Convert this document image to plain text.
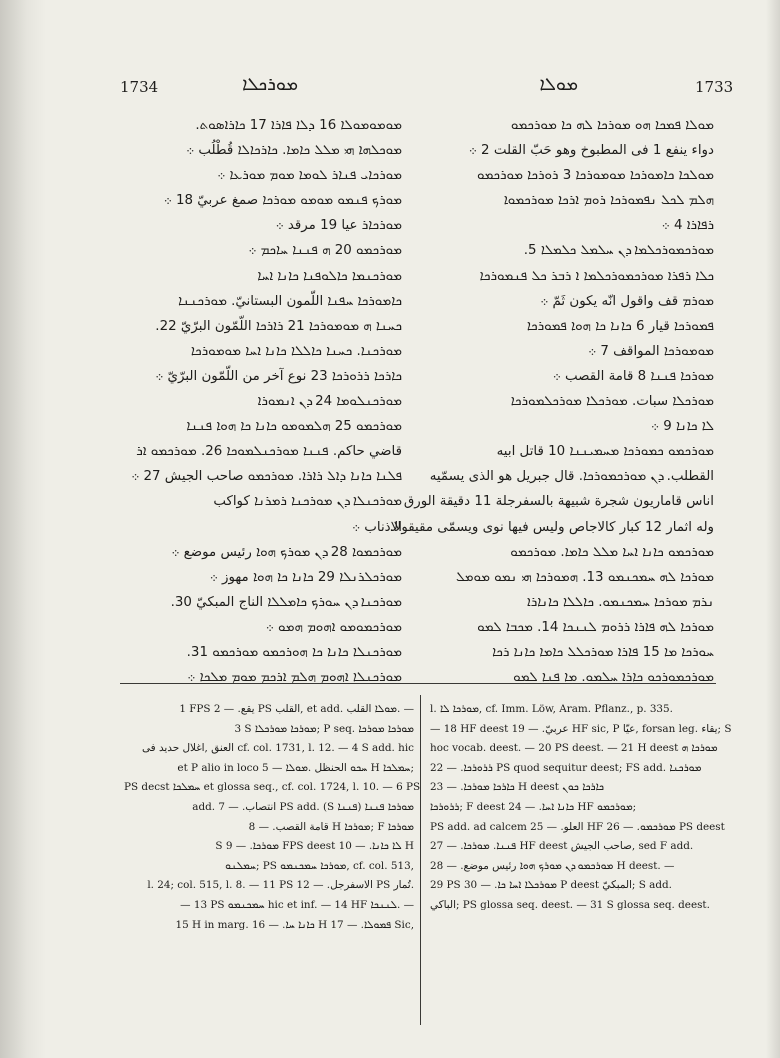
1734	ܡܘܪܟܠܐ	ܡܘܠܐ	1733
ܡܘܡܘܡܘܠܐ 16 ܕܠܐ ܦܐܪܐ 17 ܟܐܪܐܣܘܬ.
ܡܘܟܠܗܐ ܗܝ ܡܠܠ ܟܐܡܐ. ܟܐܪܟܐܠܐ قُطْلُب ܀
ܡܘܪܟܐܝ ܦܢܐܪ ܠܘܡܐ ܡܘܡ ܡܘܪܥܐ ܀
ܡܘܪܟ ܦܢܡܘ ܡܘܡܘ ܡܘܪܟܐ صمغ عربيّ 18 ܀
ܡܘܪܟܐܪ عيا 19 مرقد ܀
ܡܘܪܟܡܘ 20 ܗ ܦܢܢܐ ܚܐܟܡ ܀
ܡܘܪܟܢܡܐ ܟܐܠܘܦܢܐ ܟܐܢܐ ܐܚܐ
ܟܐܡܘܪܟܐ ܚܦܢܐ اللّمون البستانيّ. ܡܘܪܟܢܢܐ
ܟܚܢܐ ܗ ܡܘܡܘܪܟܐ 21 ܪܐܪܟܐ اللّمّون البرّيّ 22.
ܡܘܪܟܢܐ. ܟܚܢܐ ܟܐܠܠܐ ܟܐܢܐ ܐܚܐ ܡܘܡܘܪܟܐ
ܟܐܪܟܐ ܪܪܘܪܟܐ 23 نوع آخر من اللّمّون البرّيّ ܀
ܡܘܪܟܢܠܘܡܐ 24 ܕܢ ܐܢܡܘܪܐ
ܡܘܪܟܡܘ 25 ܗܠܡܘܡܘ ܟܐܢܐ ܟܐ ܗܘܐ ܦܢܢܐ
قاضي حاكم. ܦܢܢܐ ܡܘܪܟܢܠܡܘܟܐ 26. ܡܘܪܟܡܘ ܐܪ
ܦܠܢܐ ܟܐܢܐ ܕܐܠ ܪܐܪܐ. ܡܘܪܟܡܘ صاحب الجيش 27 ܀
ܡܘܪܟܢܠܐ ܕܢ ܡܘܪܟܢܐ ܪܡܪܢܐ كواكب
الاذناب ܀
ܡܘܪܟܡܘܐ 28 ܕܢ ܡܘܪܟ ܗܘܐ رئيس موضع ܀
ܡܘܪܟܠܪܢܠܐ 29 ܟܐܢܐ ܟܐ ܗܘܐ مهوز ܀
ܡܘܪܟܢܐ ܕܢ ܚܘܪܟ ܟܐܡܠܠܐ الناج المبكيّ 30.
ܡܘܪܟܡܘܡܘ ܐܗܘܡ ܗܡܘ ܀
ܡܘܪܟܢܠܐ ܟܐܢܐ ܟܐ ܗܘܪܟܡܘ ܡܘܪܟܡܘ 31.
ܡܘܪܟܢܠܐ ܐܗܘܡ ܗܠܡ ܐܪܟܡ ܡܘܡ ܡܠܟܐ ܀
ܡܘܠܐ ܦܡܟܐ ܗܘ ܡܘܪܟܐ ܠܗ ܟܐ ܡܘܪܟܡܘ
دواء ينفع 1 ﻓﻰ المطبوخ وهو حَبّ القلت 2 ܀
ܡܘܠܟܐ ܟܐܡܘܪܟܐ ܡܘܡܘܪܟܐ 3 ܪܘܪܟܐ ܡܘܪܟܡܘ
ܗܠܡ ܠܟܠ ܢܦܡܘܪܟܐ ܪܘܡ ܐܪܟܐ ܡܘܪܟܡܘܐ
ܪܦܐܪܐ 4 ܀
ܡܘܪܟܡܘܪܟܠܡܐ ܕܢ ܚܠܡܠ ܟܠܡܠܐ 5.
ܟܠܐ ܪܦܪܐ ܡܘܪܟܡܘܪܟܠܡܐ ܐ ܪܒܪ ܟܠ ܦܢܡܘܪܟܐ
ܡܘܪܡ قف واقول انّه يكون ثَمّ ܀
ܦܡܘܪܟܐ قيار 6 ܟܐܢܐ ܟܐ ܗܘܐ ܦܡܘܪܟܐ
ܡܘܡܘܪܟܐ المواقف 7 ܀
ܡܘܪܟܐ ܦܢܢܐ 8 قامة القصب ܀
ܡܘܪܟܠܐ سبات. ܡܘܪܟܠܐ ܡܘܪܟܠܡܘܪܟܐ
ܠܐ ܟܐܢܐ 9 ܀
ܡܘܪܟܡܘ ܟܡܘܪܟܐ ܡܚܡܝܢܢܐ 10 قاتل ابيه
القطلب. ܕܢ ܡܘܪܟܡܘܪܟܐ. قال جبريل هو الذى يسمّيه
اناس قاماريون شجرة شبيهة بالسفرجلة 11 دقيقة الورق
وله اثمار 12 كبار كالاجاص وليس فيها نوى ويسمّى مقيقولا.
ܡܘܪܟܡܘ ܟܐܢܐ ܐܚܐ ܡܠܠ ܟܐܡܐ. ܡܘܪܟܡܘ
ܡܘܪܟܐ ܠܗ ܚܡܟܢܡܘ 13. ܗܡܘܪܟܐ ܗܝ ܢܡܘ ܡܘܡܠ
ܢܪܡ ܡܘܪܟܐ ܚܡܟܢܡܘ. ܟܐܠܠܐ ܟܐܢܐܪܐ
ܡܘܪܟܐ ܠܗ ܦܐܪܐ ܪܪܘܡ ܠܢܢܟܐ 14. ܡܟܒܐ ܠܡܘ
ܚܘܪܟܐ ܡܐ 15 ܦܐܪܐ ܡܘܪܟܠܠ ܟܐܡܐ ܟܐܢܐ ܪܟܐ
ܡܘܪܟܡܘܪܟܘ ܟܐܪܐ ܚܠܡܘ. ܡܐ ܦܢܐ ܠܡܘ
1 FPS يقع. — 2 PS القلب, et add. ܡܘܠܐ القلب. —
3 S ܡܘܪܟܐ ܡܘܪܟܠܐ; P seq. ܡܘܪܟܐ ܡܘܪܟܐ
العنق ,اغلال حديد ﻓﻰ cf. col. 1731, l. 12. — 4 S add. hic
et P alio in loco ܚܟܘ الحنظل .ܡܘܠܐ — 5 H ܚܡܠܟܐ;
PS decst ܚܡܠܟܐ et glossa seq., cf. col. 1724, l. 10. — 6 PS
add. انتصاب. — 7 PS add. (S ܦܢܢܐ) ܡܘܪܟܐ ܦܢܢܐ
قامة القصب. — 8 H ܡܘܪܟܐ; F ܡܘܪܟܐ
S ܡܘܪܟܐ. — 9 FPS deest ܠܐ ܟܐܢܐ. — 10 H
ܚܡܠܢܘ; PS ܡܘܪܟܐ ܚܡܟܢܡܘ, cf. col. 513,
l. 24; col. 515, l. 8. — 11 PS الاسفرجل. — 12 PS تُمار.
— 13 PS ܚܡܟܢܡܘ hic et inf. — 14 HF ܠܢܢܟܐ. —
15 H in marg. ܟܐܢܐ ܚܐ. — 16 H ܦܡܘܠܐ. — 17 Sic,
l. ܡܘܪܟܐ ܠܐ, cf. Imm. Löw, Aram. Pflanz., p. 335.
— 18 HF deest عربيّ. — 19 HF sic, P عيّا, forsan leg. يقاء; S
hoc vocab. deest. — 20 PS deest. — 21 H deest ܡܘܪܟܐ ܗ
ܪܪܘܪܟܐ. — 22 PS quod sequitur deest; FS add. ܡܘܪܟܢܐ
ܟܐܪܟܐ ܡܘܪܟܐ. — 23 H deest ܟܐܪܟܐ ܟܘܢ
ܪܪܘܪܟܐ; F deest ܟܐܢܐ ܐܚܐ. — 24 HF ܡܘܪܟܡܘ;
PS add. ad calcem العلو. — 25 HF ܡܘܪܟܡܘ. — 26 PS deest
ܦܢܢܐ. ܡܘܪܟܐ. — 27 HF deest صاحب الجيش, sed F add.
ܡܘܪܟܡܘ ܕܢ ܡܘܪܟ ܗܘܐ رئيس موضع. — 28 H deest. —
29 PS ܡܘܪܟܠܐ ܐܚܐ ܟܐ. — 30 P deest المبكيّ; S add.
الباكي; PS glossa seq. deest. — 31 S glossa seq. deest.
